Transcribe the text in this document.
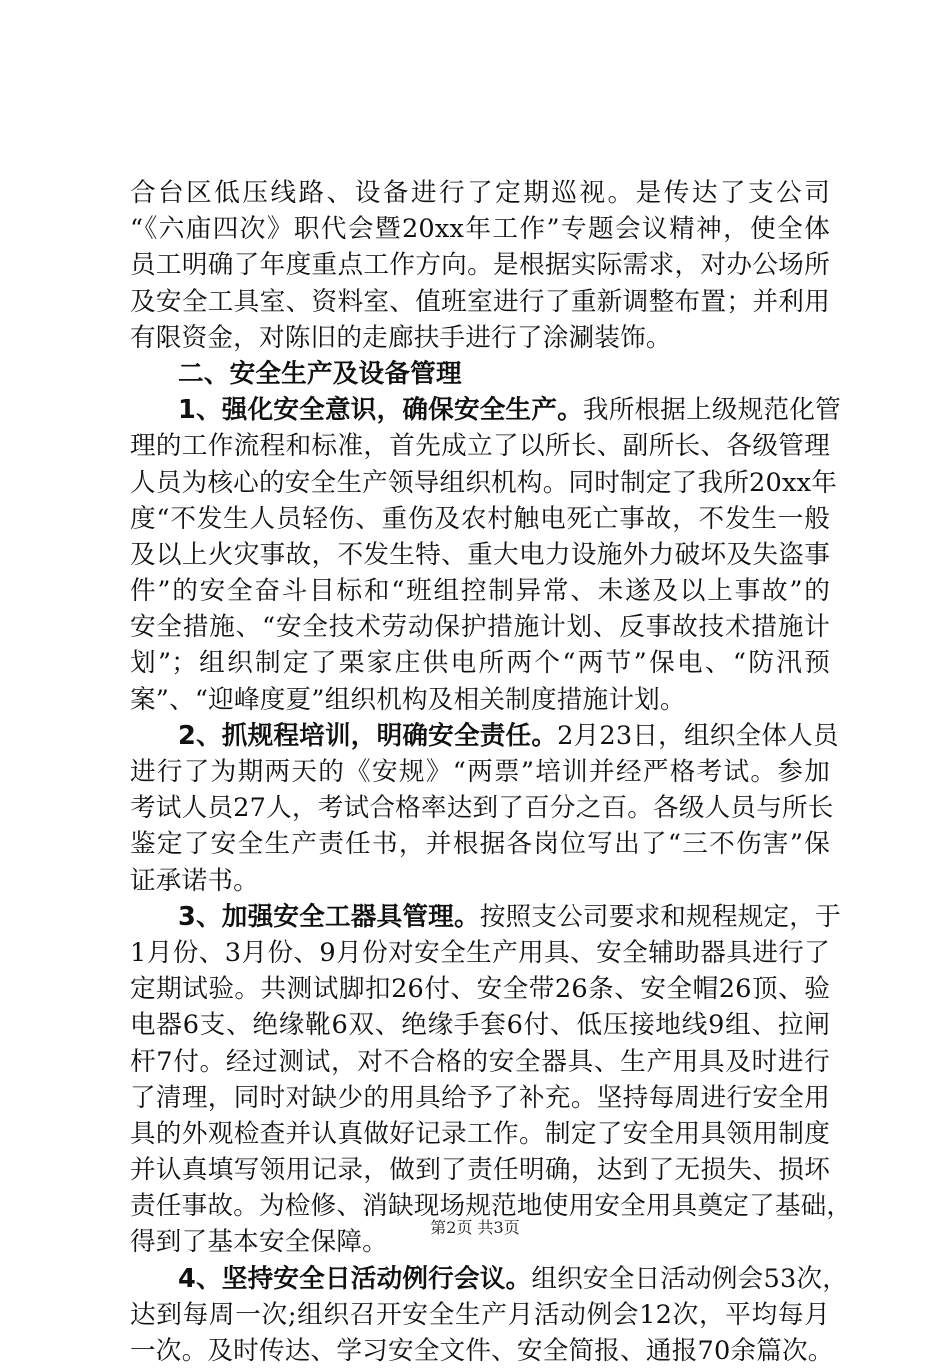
合台区低压线路、设备进行了定期巡视。是传达了支公司
“《六庙四次》职代会暨20xx年工作”专题会议精神，使全体
员工明确了年度重点工作方向。是根据实际需求，对办公场所
及安全工具室、资料室、值班室进行了重新调整布置；并利用
有限资金，对陈旧的走廊扶手进行了涂涮装饰。
二、安全生产及设备管理
1、强化安全意识，确保安全生产。我所根据上级规范化管
理的工作流程和标准，首先成立了以所长、副所长、各级管理
人员为核心的安全生产领导组织机构。同时制定了我所20xx年
度“不发生人员轻伤、重伤及农村触电死亡事故，不发生一般
及以上火灾事故，不发生特、重大电力设施外力破坏及失盗事
件”的安全奋斗目标和“班组控制异常、未遂及以上事故”的
安全措施、“安全技术劳动保护措施计划、反事故技术措施计
划”；组织制定了栗家庄供电所两个“两节”保电、“防汛预
案”、“迎峰度夏”组织机构及相关制度措施计划。
2、抓规程培训，明确安全责任。2月23日，组织全体人员
进行了为期两天的《安规》“两票”培训并经严格考试。参加
考试人员27人，考试合格率达到了百分之百。各级人员与所长
鉴定了安全生产责任书，并根据各岗位写出了“三不伤害”保
证承诺书。
3、加强安全工器具管理。按照支公司要求和规程规定，于
1月份、3月份、9月份对安全生产用具、安全辅助器具进行了
定期试验。共测试脚扣26付、安全带26条、安全帽26顶、验
电器6支、绝缘靴6双、绝缘手套6付、低压接地线9组、拉闸
杆7付。经过测试，对不合格的安全器具、生产用具及时进行
了清理，同时对缺少的用具给予了补充。坚持每周进行安全用
具的外观检查并认真做好记录工作。制定了安全用具领用制度
并认真填写领用记录，做到了责任明确，达到了无损失、损坏
责任事故。为检修、消缺现场规范地使用安全用具奠定了基础，
得到了基本安全保障。
4、坚持安全日活动例行会议。组织安全日活动例会53次，
达到每周一次;组织召开安全生产月活动例会12次，平均每月
一次。及时传达、学习安全文件、安全简报、通报70余篇次。
第2页 共3页
